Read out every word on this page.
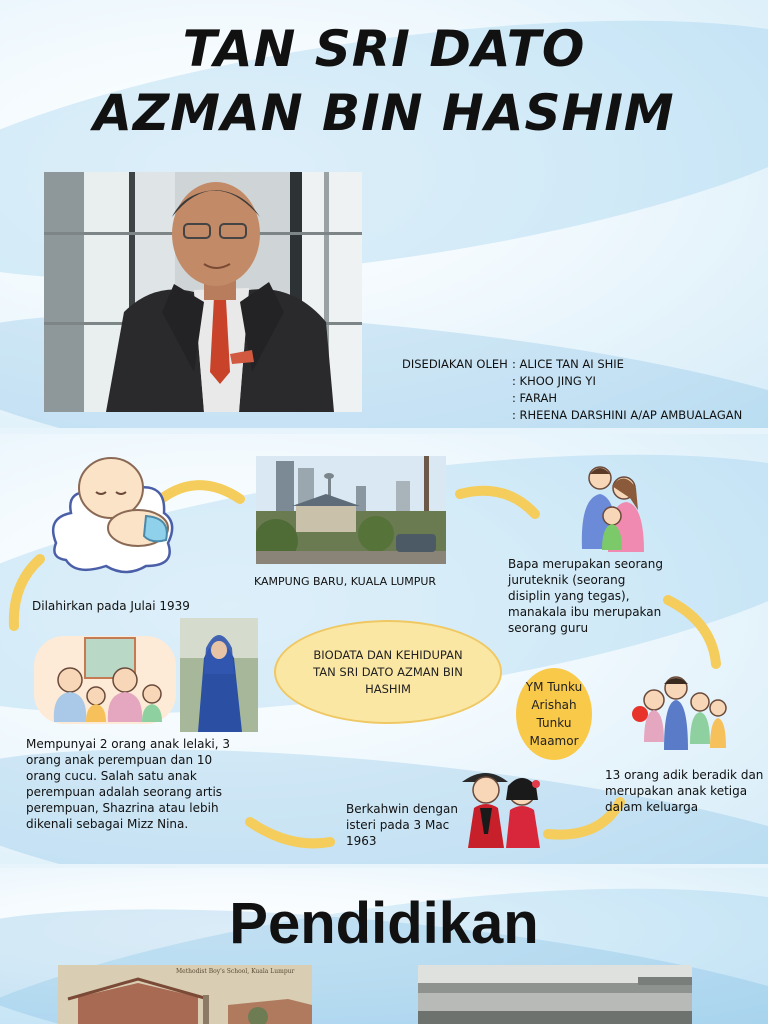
TAN SRI DATO
AZMAN BIN HASHIM
DISEDIAKAN OLEH : ALICE TAN AI SHIE
: KHOO JING YI
: FARAH
: RHEENA DARSHINI A/AP AMBUALAGAN
BIODATA DAN KEHIDUPAN TAN SRI DATO AZMAN BIN HASHIM	YM Tunku Arishah Tunku Maamor
Dilahirkan pada Julai 1939
KAMPUNG BARU, KUALA LUMPUR
Bapa merupakan seorang juruteknik (seorang disiplin yang tegas), manakala ibu merupakan seorang guru
13 orang adik beradik dan merupakan anak ketiga dalam keluarga
Berkahwin dengan isteri pada 3 Mac 1963
Mempunyai 2 orang anak lelaki, 3 orang anak perempuan dan 10 orang cucu. Salah satu anak perempuan adalah seorang artis perempuan, Shazrina atau lebih dikenali sebagai Mizz Nina.
Pendidikan
Methodist Boy's School, Kuala Lumpur
